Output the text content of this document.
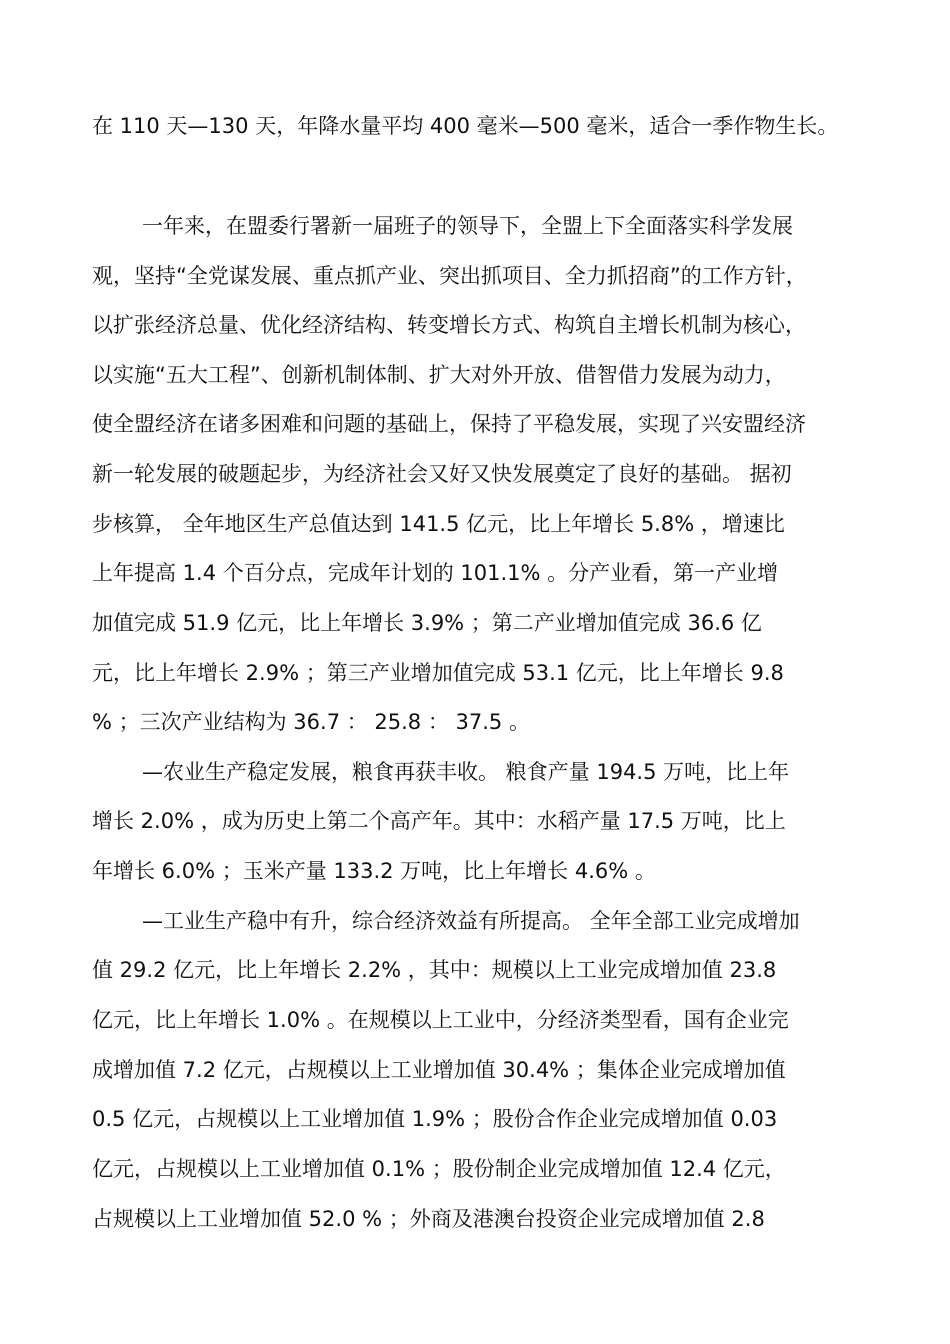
在 110 天—130 天，年降水量平均 400 毫米—500 毫米，适合一季作物生长。
一年来，在盟委行署新一届班子的领导下，全盟上下全面落实科学发展
观，坚持“全党谋发展、重点抓产业、突出抓项目、全力抓招商”的工作方针，
以扩张经济总量、优化经济结构、转变增长方式、构筑自主增长机制为核心，
以实施“五大工程”、创新机制体制、扩大对外开放、借智借力发展为动力，
使全盟经济在诸多困难和问题的基础上，保持了平稳发展，实现了兴安盟经济
新一轮发展的破题起步，为经济社会又好又快发展奠定了良好的基础。 据初
步核算， 全年地区生产总值达到 141.5 亿元，比上年增长 5.8% ，增速比
上年提高 1.4 个百分点，完成年计划的 101.1% 。分产业看，第一产业增
加值完成 51.9 亿元，比上年增长 3.9% ；第二产业增加值完成 36.6 亿
元，比上年增长 2.9% ；第三产业增加值完成 53.1 亿元，比上年增长 9.8
% ；三次产业结构为 36.7 ： 25.8 ： 37.5 。
—农业生产稳定发展，粮食再获丰收。 粮食产量 194.5 万吨，比上年
增长 2.0% ，成为历史上第二个高产年。其中：水稻产量 17.5 万吨，比上
年增长 6.0% ；玉米产量 133.2 万吨，比上年增长 4.6% 。
—工业生产稳中有升，综合经济效益有所提高。 全年全部工业完成增加
值 29.2 亿元，比上年增长 2.2% ，其中：规模以上工业完成增加值 23.8
亿元，比上年增长 1.0% 。在规模以上工业中，分经济类型看，国有企业完
成增加值 7.2 亿元，占规模以上工业增加值 30.4% ；集体企业完成增加值
0.5 亿元，占规模以上工业增加值 1.9% ；股份合作企业完成增加值 0.03
亿元，占规模以上工业增加值 0.1% ；股份制企业完成增加值 12.4 亿元，
占规模以上工业增加值 52.0 % ；外商及港澳台投资企业完成增加值 2.8
